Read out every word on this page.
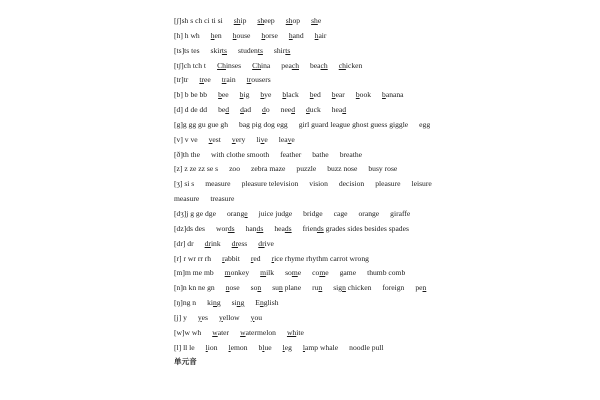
[ʃ]sh s ch ci ti si ship sheep shop she
[h] h wh hen house horse hand hair
[ts]ts tes skirts students shirts
[tʃ]ch tch t Chinses China peach beach chicken
[tr]tr tree train trousers
[b] b be bb bee big bye black bed bear book banana
[d] d de dd bed dad do need duck head
[g]g gg gu gue gh bag pig dog egg girl guard league ghost guess giggle egg
[v] v ve vest very live leave
[ð]th the with clothe smooth feather bathe breathe
[z] z ze zz se s zoo zebra maze puzzle buzz nose busy rose
[ʒ] si s measure pleasure television vision decision pleasure leisure
measure treasure
[dʒ]j g ge dge orange juice judge bridge cage orange giraffe
[dz]ds des words hands heads friends grades sides besides spades
[dr] dr drink dress drive
[r] r wr rr rh rabbit red rice rhyme rhythm carrot wrong
[m]m me mb monkey milk some come game thumb comb
[n]n kn ne gn nose son sun plane run sign chicken foreign pen
[ŋ]ng n king sing English
[j] y yes yellow you
[w]w wh water watermelon white
[l] ll le lion lemon blue leg lamp whale noodle pull
单元音
